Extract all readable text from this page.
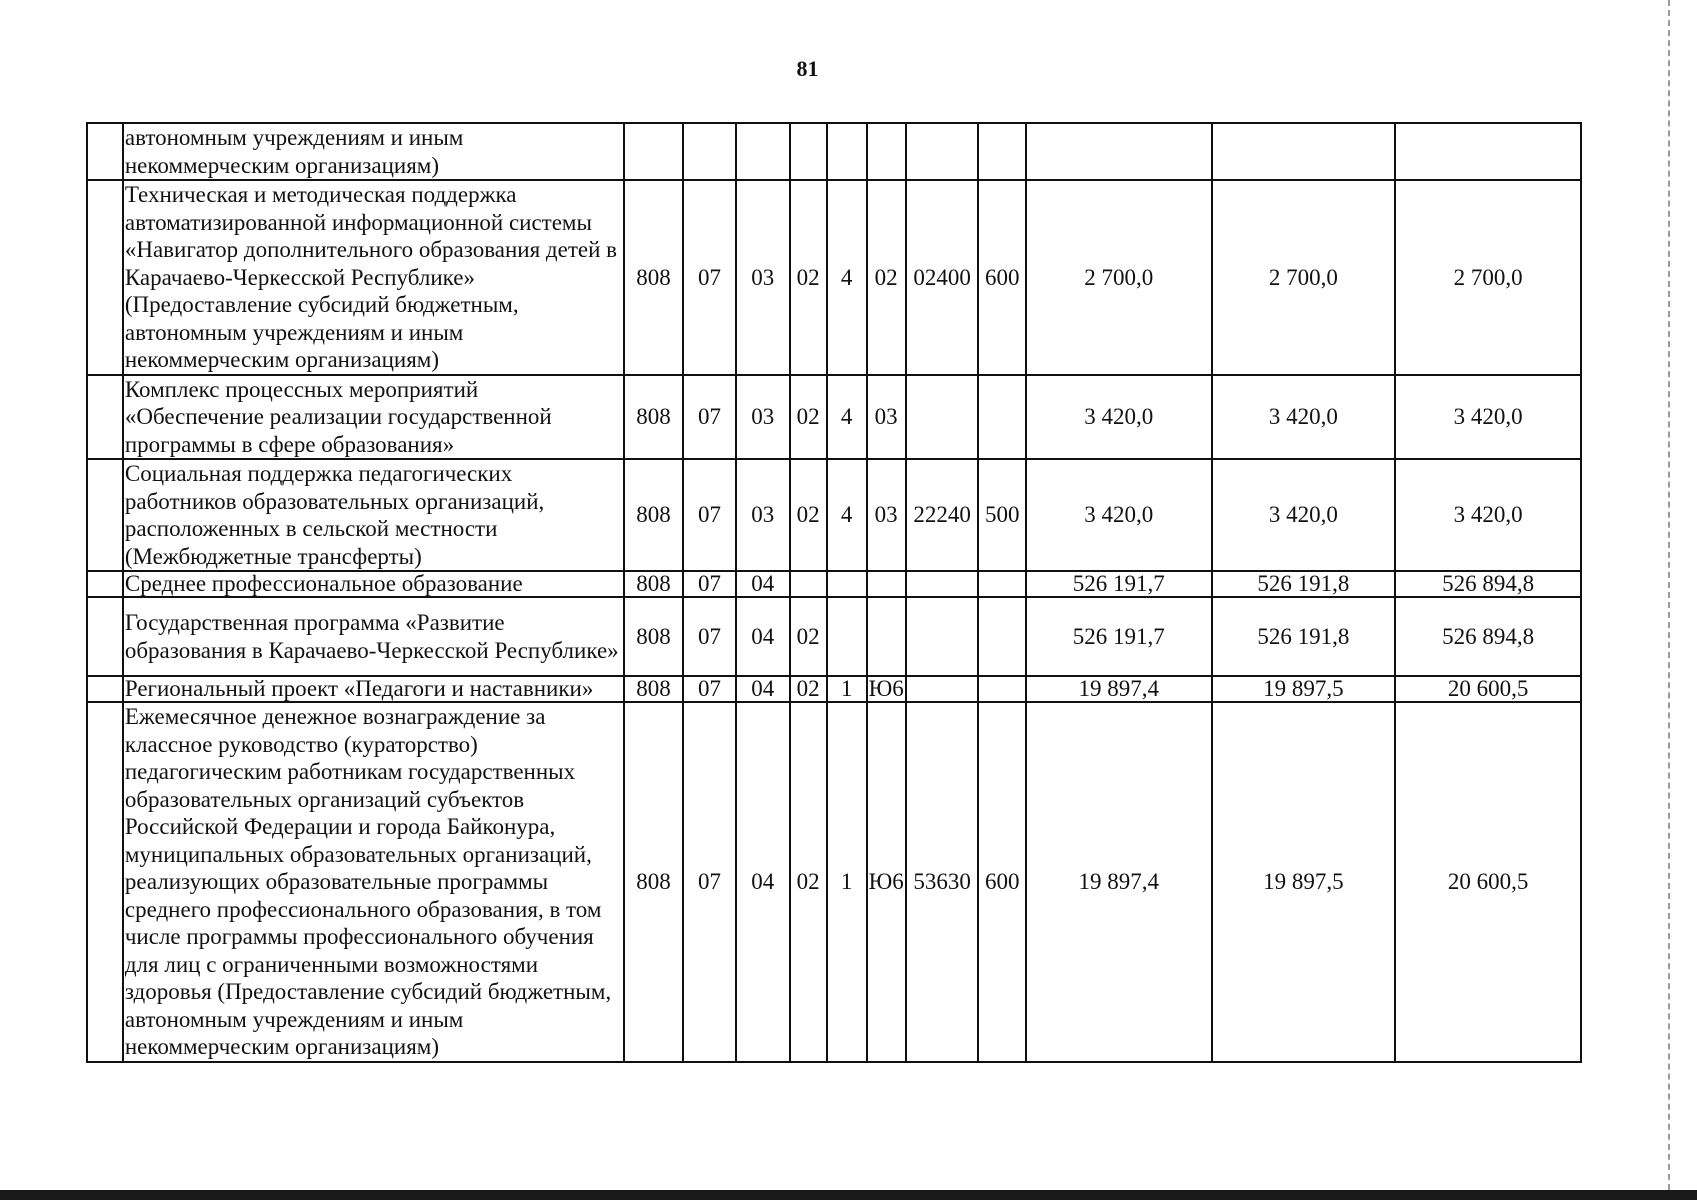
81
	автономным учреждениям и иным некоммерческим организациям)											
	Техническая и методическая поддержка автоматизированной информационной системы «Навигатор дополнительного образования детей в Карачаево-Черкесской Республике» (Предоставление субсидий бюджетным, автономным учреждениям и иным некоммерческим организациям)	808	07	03	02	4	02	02400	600	2 700,0	2 700,0	2 700,0
	Комплекс процессных мероприятий «Обеспечение реализации государственной программы в сфере образования»	808	07	03	02	4	03			3 420,0	3 420,0	3 420,0
	Социальная поддержка педагогических работников образовательных организаций, расположенных в сельской местности (Межбюджетные трансферты)	808	07	03	02	4	03	22240	500	3 420,0	3 420,0	3 420,0
	Среднее профессиональное образование	808	07	04						526 191,7	526 191,8	526 894,8
	Государственная программа «Развитие образования в Карачаево-Черкесской Республике»	808	07	04	02					526 191,7	526 191,8	526 894,8
	Региональный проект «Педагоги и наставники»	808	07	04	02	1	Ю6			19 897,4	19 897,5	20 600,5
	Ежемесячное денежное вознаграждение за классное руководство (кураторство) педагогическим работникам государственных образовательных организаций субъектов Российской Федерации и города Байконура, муниципальных образовательных организаций, реализующих образовательные программы среднего профессионального образования, в том числе программы профессионального обучения для лиц с ограниченными возможностями здоровья (Предоставление субсидий бюджетным, автономным учреждениям и иным некоммерческим организациям)	808	07	04	02	1	Ю6	53630	600	19 897,4	19 897,5	20 600,5
